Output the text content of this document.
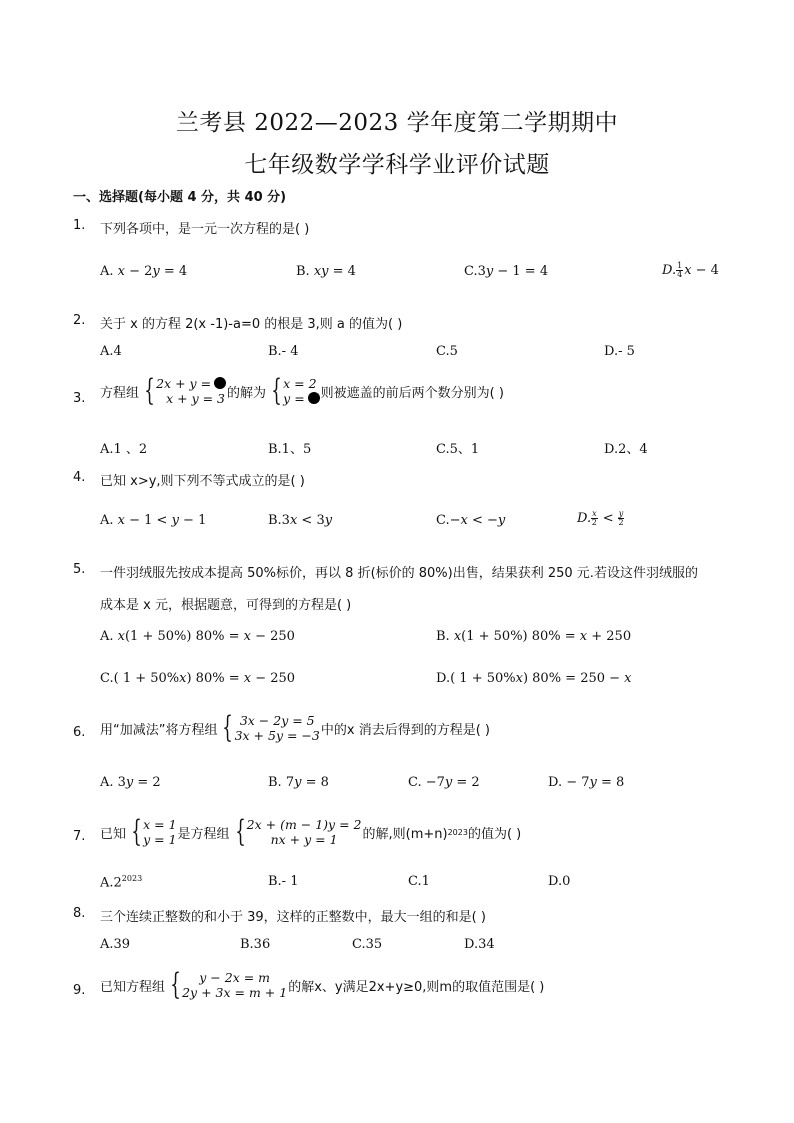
兰考县 2022—2023 学年度第二学期期中
七年级数学学科学业评价试题
一、选择题(每小题 4 分，共 40 分)
1.	下列各项中，是一元一次方程的是( )
A. 𝑥 − 2𝑦 = 4	B. 𝑥𝑦 = 4	C.3𝑦 − 1 = 4	D. $\frac{1}{4}$ 𝑥 − 4
2.	关于 x 的方程 2(x -1)-a=0 的根是 3,则 a 的值为( )
A.4	B.- 4	C.5	D.- 5
3.	方程组 { 2𝑥 + 𝑦 =
𝑥 + 𝑦 = 3 的解为 { 𝑥 = 2
𝑦 =	则被遮盖的前后两个数分别为( )
A.1 、2	B.1、5	C.5、1	D.2、4
4.	已知 x>y,则下列不等式成立的是( )
A. 𝑥 − 1 < 𝑦 − 1	B.3𝑥 < 3𝑦	C.−𝑥 < −𝑦	D. $\frac{\text{𝑥}}{2} < \frac{\text{𝑦}}{2}$
5.	一件羽绒服先按成本提高 50%标价，再以 8 折(标价的 80%)出售，结果获利 250 元.若设这件羽绒服的
成本是 x 元，根据题意，可得到的方程是( )
A. 𝑥(1 + 50%) 80% = 𝑥 − 250	B. 𝑥(1 + 50%) 80% = 𝑥 + 250
C.( 1 + 50%𝑥) 80% = 𝑥 − 250	D.( 1 + 50%𝑥) 80% = 250 − 𝑥
6.	用“加减法”将方程组 { 3𝑥 − 2𝑦 = 5
3𝑥 + 5𝑦 = −3 中的x 消去后得到的方程是( )
A. 3𝑦 = 2	B. 7𝑦 = 8	C. −7𝑦 = 2	D. − 7𝑦 = 8
7.	已知 { 𝑥 = 1
𝑦 = 1 是方程组 { 2𝑥 + (𝑚 − 1)𝑦 = 2
𝑛𝑥 + 𝑦 = 1 的解,则(m+n) 2023 的值为( )
$A.2^{2023}$	B.- 1	C.1	D.0
8.	三个连续正整数的和小于 39，这样的正整数中，最大一组的和是( )
A.39	B.36	C.35	D.34
9.	已知方程组 { 𝑦 − 2𝑥 = 𝑚
2𝑦 + 3𝑥 = 𝑚 + 1 的解x、y满足2x+y≥0,则m的取值范围是( )
